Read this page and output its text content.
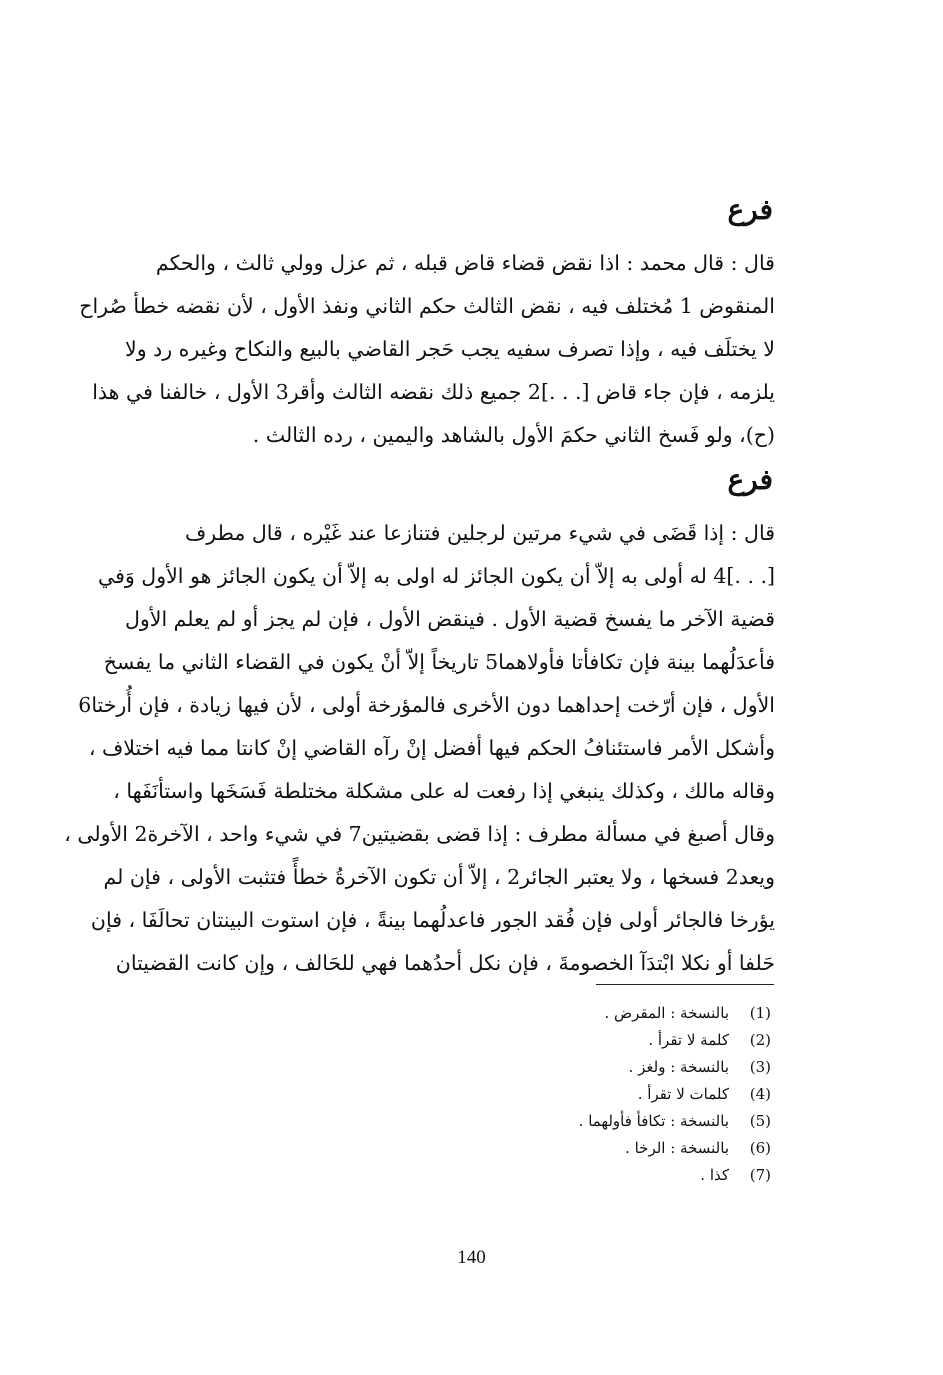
فرع
قال : قال محمد : اذا نقض قضاء قاض قبله ، ثم عزل وولي ثالث ، والحكم
المنقوض 1 مُختلف فيه ، نقض الثالث حكم الثاني ونفذ الأول ، لأن نقضه خطأ صُراح
لا يختلَف فيه ، وإذا تصرف سفيه يجب حَجر القاضي بالبيع والنكاح وغيره رد ولا
يلزمه ، فإن جاء قاض [. . .]2 جميع ذلك نقضه الثالث وأقر3 الأول ، خالفنا في هذا
(ح)، ولو فَسخ الثاني حكمَ الأول بالشاهد واليمين ، رده الثالث .
فرع
قال : إذا قَضَى في شيء مرتين لرجلين فتنازعا عند غَيْره ، قال مطرف
[. . .]4 له أولى به إلاّ أن يكون الجائز له اولى به إلاّ أن يكون الجائز هو الأول وَفي
قضية الآخر ما يفسخ قضية الأول . فينقض الأول ، فإن لم يجز أو لم يعلم الأول
فأعدَلُهما بينة فإن تكافأتا فأولاهما5 تاريخاً إلاّ أنْ يكون في القضاء الثاني ما يفسخ
الأول ، فإن أرّخت إحداهما دون الأخرى فالمؤرخة أولى ، لأن فيها زيادة ، فإن أُرختا6
وأشكل الأمر فاستئنافُ الحكم فيها أفضل إنْ رآه القاضي إنْ كانتا مما فيه اختلاف ،
وقاله مالك ، وكذلك ينبغي إذا رفعت له على مشكلة مختلطة فَسَخَها واستأنَفَها ،
وقال أصبغ في مسألة مطرف : إذا قضى بقضيتين7 في شيء واحد ، الآخرة2 الأولى ،
ويعد2 فسخها ، ولا يعتبر الجائر2 ، إلاّ أن تكون الآخرةُ خطأً فتثبت الأولى ، فإن لم
يؤرخا فالجائر أولى فإن فُقد الجور فاعدلُهما بينةً ، فإن استوت البينتان تحالَفَا ، فإن
حَلفا أو نكلا ابْتدَآ الخصومةَ ، فإن نكل أحدُهما فهي للحَالف ، وإن كانت القضيتان
(1)
بالنسخة : المقرض .
(2)
كلمة لا تقرأ .
(3)
بالنسخة : ولغز .
(4)
كلمات لا تقرأ .
(5)
بالنسخة : تكافأ فأولهما .
(6)
بالنسخة : الرخا .
(7)
كذا .
140
